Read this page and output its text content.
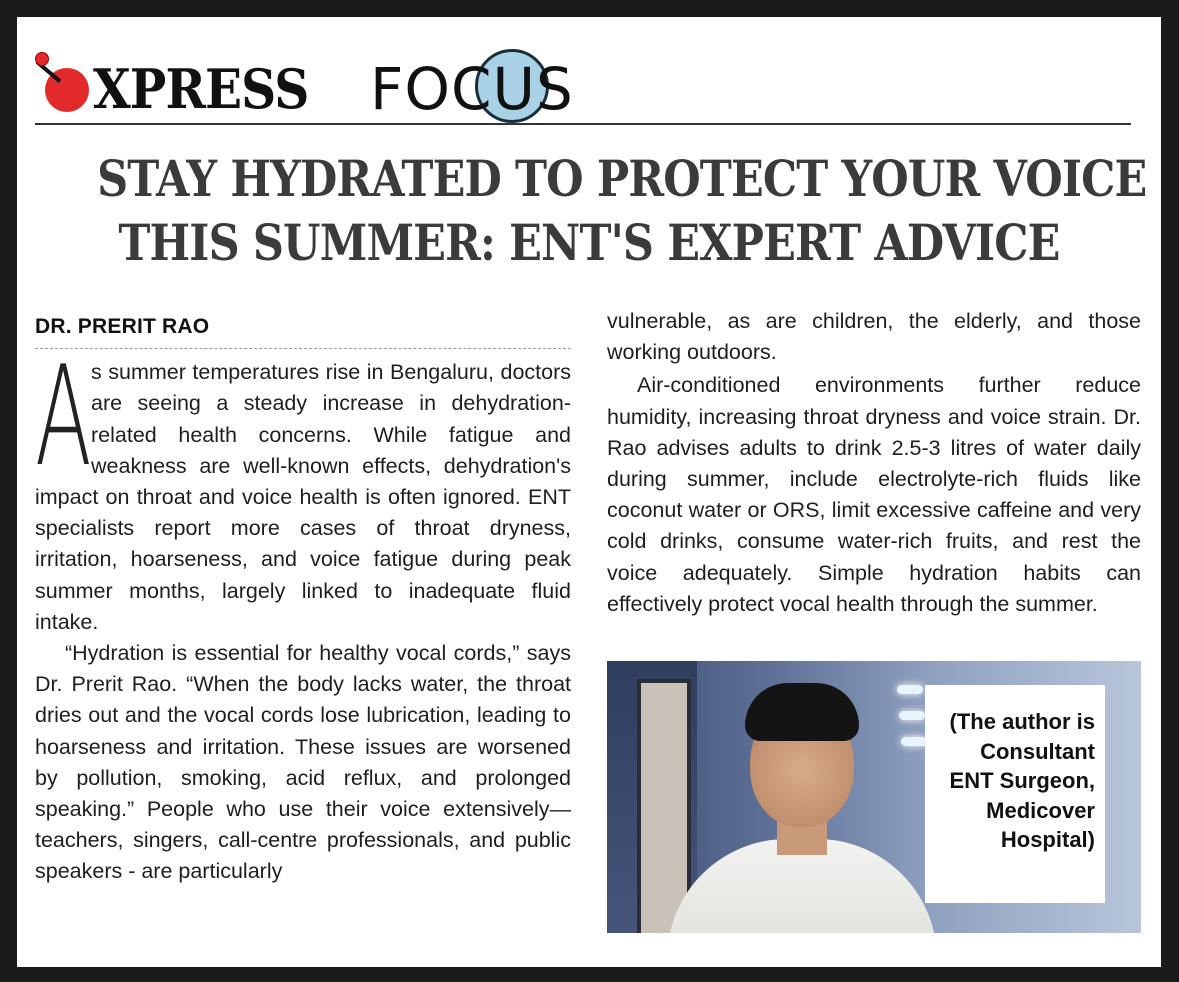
XPRESS FOCUS
STAY HYDRATED TO PROTECT YOUR VOICE
THIS SUMMER: ENT'S EXPERT ADVICE
DR. PRERIT RAO

As summer temperatures rise in Bengaluru, doctors are seeing a steady increase in dehydration-related health concerns. While fatigue and weakness are well-known effects, dehydration's impact on throat and voice health is often ignored. ENT specialists report more cases of throat dryness, irritation, hoarseness, and voice fatigue during peak summer months, largely linked to inadequate fluid intake.

“Hydration is essential for healthy vocal cords,” says Dr. Prerit Rao. “When the body lacks water, the throat dries out and the vocal cords lose lubrication, leading to hoarseness and irritation. These issues are worsened by pollution, smoking, acid reflux, and prolonged speaking.” People who use their voice extensively—teachers, singers, call-centre professionals, and public speakers - are particularly

vulnerable, as are children, the elderly, and those working outdoors.

Air-conditioned environments further reduce humidity, increasing throat dryness and voice strain. Dr. Rao advises adults to drink 2.5-3 litres of water daily during summer, include electrolyte-rich fluids like coconut water or ORS, limit excessive caffeine and very cold drinks, consume water-rich fruits, and rest the voice adequately. Simple hydration habits can effectively protect vocal health through the summer.

(The author is Consultant ENT Surgeon, Medicover Hospital)
